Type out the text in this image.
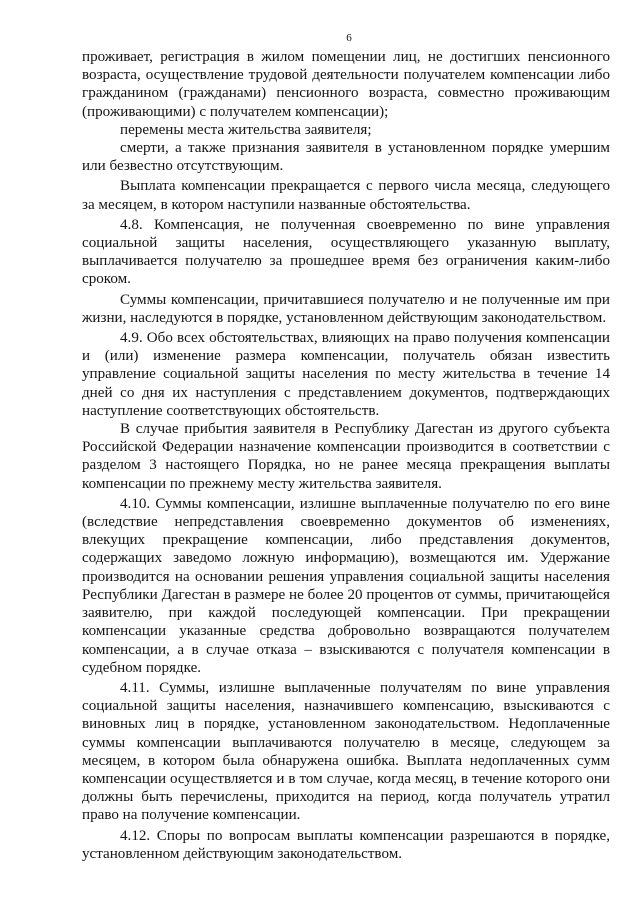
6

проживает, регистрация в жилом помещении лиц, не достигших пенсионного возраста, осуществление трудовой деятельности получателем компенсации либо гражданином (гражданами) пенсионного возраста, совместно проживающим (проживающими) с получателем компенсации);

перемены места жительства заявителя;

смерти, а также признания заявителя в установленном порядке умершим или безвестно отсутствующим.

Выплата компенсации прекращается с первого числа месяца, следующего за месяцем, в котором наступили названные обстоятельства.

4.8. Компенсация, не полученная своевременно по вине управления социальной защиты населения, осуществляющего указанную выплату, выплачивается получателю за прошедшее время без ограничения каким-либо сроком.

Суммы компенсации, причитавшиеся получателю и не полученные им при жизни, наследуются в порядке, установленном действующим законодательством.

4.9. Обо всех обстоятельствах, влияющих на право получения компенсации и (или) изменение размера компенсации, получатель обязан известить управление социальной защиты населения по месту жительства в течение 14 дней со дня их наступления с представлением документов, подтверждающих наступление соответствующих обстоятельств.

В случае прибытия заявителя в Республику Дагестан из другого субъекта Российской Федерации назначение компенсации производится в соответствии с разделом 3 настоящего Порядка, но не ранее месяца прекращения выплаты компенсации по прежнему месту жительства заявителя.

4.10. Суммы компенсации, излишне выплаченные получателю по его вине (вследствие непредставления своевременно документов об изменениях, влекущих прекращение компенсации, либо представления документов, содержащих заведомо ложную информацию), возмещаются им. Удержание производится на основании решения управления социальной защиты населения Республики Дагестан в размере не более 20 процентов от суммы, причитающейся заявителю, при каждой последующей компенсации. При прекращении компенсации указанные средства добровольно возвращаются получателем компенсации, а в случае отказа – взыскиваются с получателя компенсации в судебном порядке.

4.11. Суммы, излишне выплаченные получателям по вине управления социальной защиты населения, назначившего компенсацию, взыскиваются с виновных лиц в порядке, установленном законодательством. Недоплаченные суммы компенсации выплачиваются получателю в месяце, следующем за месяцем, в котором была обнаружена ошибка. Выплата недоплаченных сумм компенсации осуществляется и в том случае, когда месяц, в течение которого они должны быть перечислены, приходится на период, когда получатель утратил право на получение компенсации.

4.12. Споры по вопросам выплаты компенсации разрешаются в порядке, установленном действующим законодательством.
